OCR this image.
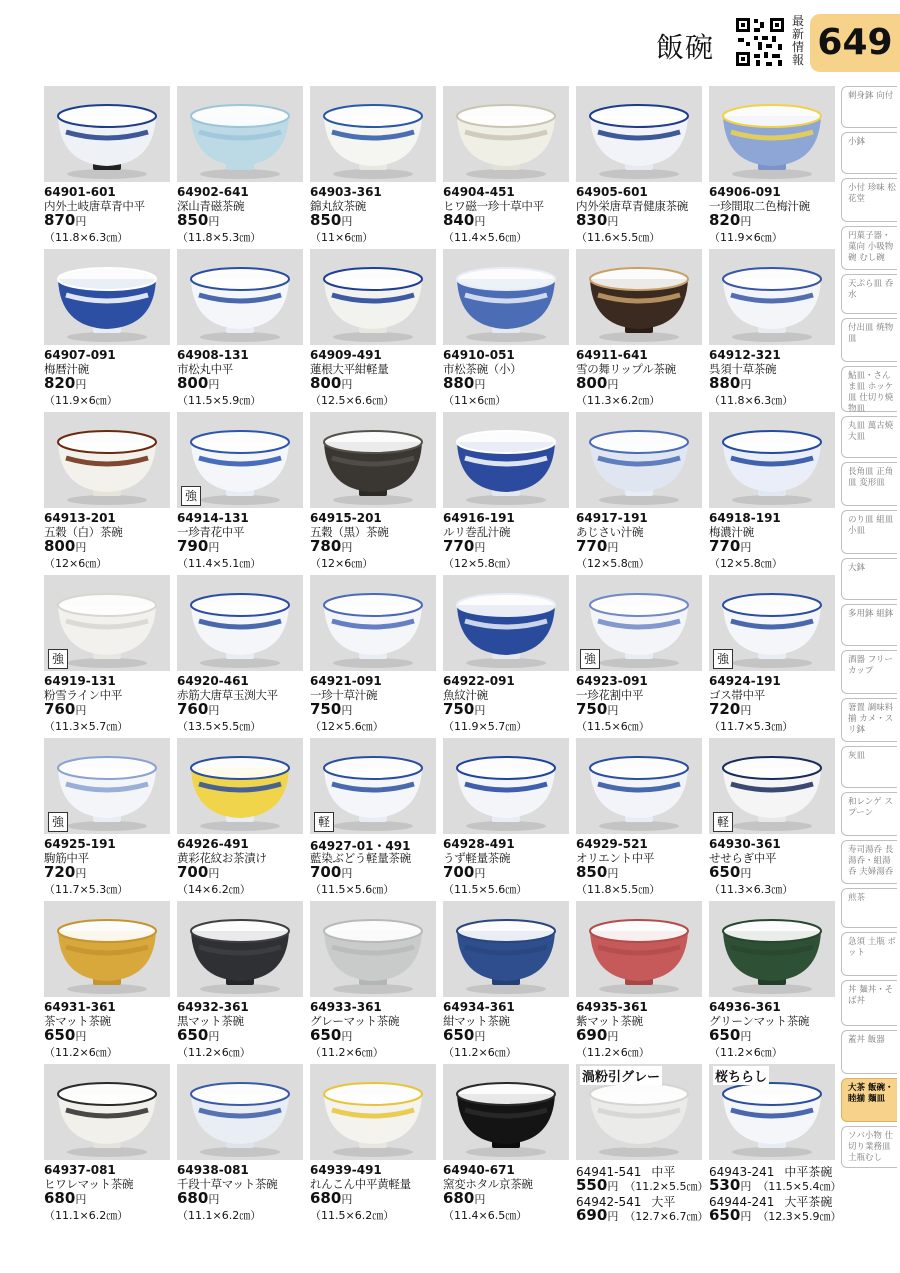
飯碗
最新情報 649
64901-601
内外土岐唐草青中平
870円
（11.8×6.3㎝）
64902-641
深山青磁茶碗
850円
（11.8×5.3㎝）
64903-361
錦丸紋茶碗
850円
（11×6㎝）
64904-451
ヒワ磁一珍十草中平
840円
（11.4×5.6㎝）
64905-601
内外栄唐草青健康茶碗
830円
（11.6×5.5㎝）
64906-091
一珍間取二色梅汁碗
820円
（11.9×6㎝）
64907-091
梅暦汁碗
820円
（11.9×6㎝）
64908-131
市松丸中平
800円
（11.5×5.9㎝）
64909-491
蓮根大平紺軽量
800円
（12.5×6.6㎝）
64910-051
市松茶碗（小）
880円
（11×6㎝）
64911-641
雪の舞リップル茶碗
800円
（11.3×6.2㎝）
64912-321
呉須十草茶碗
880円
（11.8×6.3㎝）
64913-201
五穀（白）茶碗
800円
（12×6㎝）
強
64914-131
一珍青花中平
790円
（11.4×5.1㎝）
64915-201
五穀（黒）茶碗
780円
（12×6㎝）
64916-191
ルリ巻乱汁碗
770円
（12×5.8㎝）
64917-191
あじさい汁碗
770円
（12×5.8㎝）
64918-191
梅濃汁碗
770円
（12×5.8㎝）
強
64919-131
粉雪ライン中平
760円
（11.3×5.7㎝）
64920-461
赤筋大唐草玉渕大平
760円
（13.5×5.5㎝）
64921-091
一珍十草汁碗
750円
（12×5.6㎝）
64922-091
魚紋汁碗
750円
（11.9×5.7㎝）
強
64923-091
一珍花割中平
750円
（11.5×6㎝）
強
64924-191
ゴス帯中平
720円
（11.7×5.3㎝）
強
64925-191
駒筋中平
720円
（11.7×5.3㎝）
64926-491
黄彩花紋お茶漬け
700円
（14×6.2㎝）
軽
64927-01・491
藍染ぶどう軽量茶碗
700円
（11.5×5.6㎝）
64928-491
うず軽量茶碗
700円
（11.5×5.6㎝）
64929-521
オリエント中平
850円
（11.8×5.5㎝）
軽
64930-361
せせらぎ中平
650円
（11.3×6.3㎝）
64931-361
茶マット茶碗
650円
（11.2×6㎝）
64932-361
黒マット茶碗
650円
（11.2×6㎝）
64933-361
グレーマット茶碗
650円
（11.2×6㎝）
64934-361
紺マット茶碗
650円
（11.2×6㎝）
64935-361
紫マット茶碗
690円
（11.2×6㎝）
64936-361
グリーンマット茶碗
650円
（11.2×6㎝）
64937-081
ヒワレマット茶碗
680円
（11.1×6.2㎝）
64938-081
千段十草マット茶碗
680円
（11.1×6.2㎝）
64939-491
れんこん中平黄軽量
680円
（11.5×6.2㎝）
64940-671
窯変ホタル京茶碗
680円
（11.4×6.5㎝）
渦粉引グレー
64941-541 中平
550円 （11.2×5.5㎝）
64942-541 大平
690円 （12.7×6.7㎝）
桜ちらし
64943-241 中平茶碗
530円 （11.5×5.4㎝）
64944-241 大平茶碗
650円 （12.3×5.9㎝）
刺身鉢 向付
小鉢
小付 珍味 松花堂
円菓子器・菓向 小吸物碗 むし碗
天ぷら皿 呑水
付出皿 焼物皿
鮎皿・さんま皿 ホッケ皿 仕切り焼物皿
丸皿 萬古焼大皿
長角皿 正角皿 変形皿
のり皿 組皿 小皿
大鉢
多用鉢 組鉢
酒器 フリーカップ
箸置 調味料揃 カメ・スリ鉢
灰皿
和レンゲ スプーン
寿司湯呑 長湯呑・組湯呑 夫婦湯呑
煎茶
急須 土瓶 ポット
丼 麺丼・そば丼
蓋丼 飯器
大茶 飯碗・睦揃 麺皿
ソバ小物 仕切り業務皿 土瓶むし
